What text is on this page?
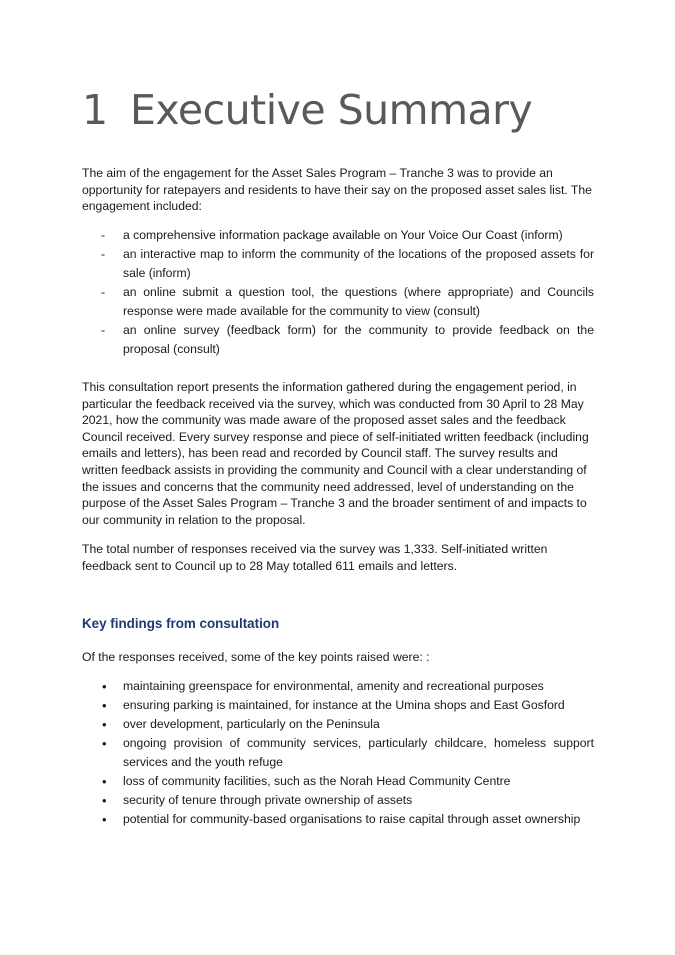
1 Executive Summary

The aim of the engagement for the Asset Sales Program – Tranche 3 was to provide an opportunity for ratepayers and residents to have their say on the proposed asset sales list. The engagement included:

- a comprehensive information package available on Your Voice Our Coast (inform)
- an interactive map to inform the community of the locations of the proposed assets for sale (inform)
- an online submit a question tool, the questions (where appropriate) and Councils response were made available for the community to view (consult)
- an online survey (feedback form) for the community to provide feedback on the proposal (consult)

This consultation report presents the information gathered during the engagement period, in particular the feedback received via the survey, which was conducted from 30 April to 28 May 2021, how the community was made aware of the proposed asset sales and the feedback Council received. Every survey response and piece of self-initiated written feedback (including emails and letters), has been read and recorded by Council staff. The survey results and written feedback assists in providing the community and Council with a clear understanding of the issues and concerns that the community need addressed, level of understanding on the purpose of the Asset Sales Program – Tranche 3 and the broader sentiment of and impacts to our community in relation to the proposal.

The total number of responses received via the survey was 1,333. Self-initiated written feedback sent to Council up to 28 May totalled 611 emails and letters.

Key findings from consultation

Of the responses received, some of the key points raised were: :

• maintaining greenspace for environmental, amenity and recreational purposes
• ensuring parking is maintained, for instance at the Umina shops and East Gosford
• over development, particularly on the Peninsula
• ongoing provision of community services, particularly childcare, homeless support services and the youth refuge
• loss of community facilities, such as the Norah Head Community Centre
• security of tenure through private ownership of assets
• potential for community-based organisations to raise capital through asset ownership
